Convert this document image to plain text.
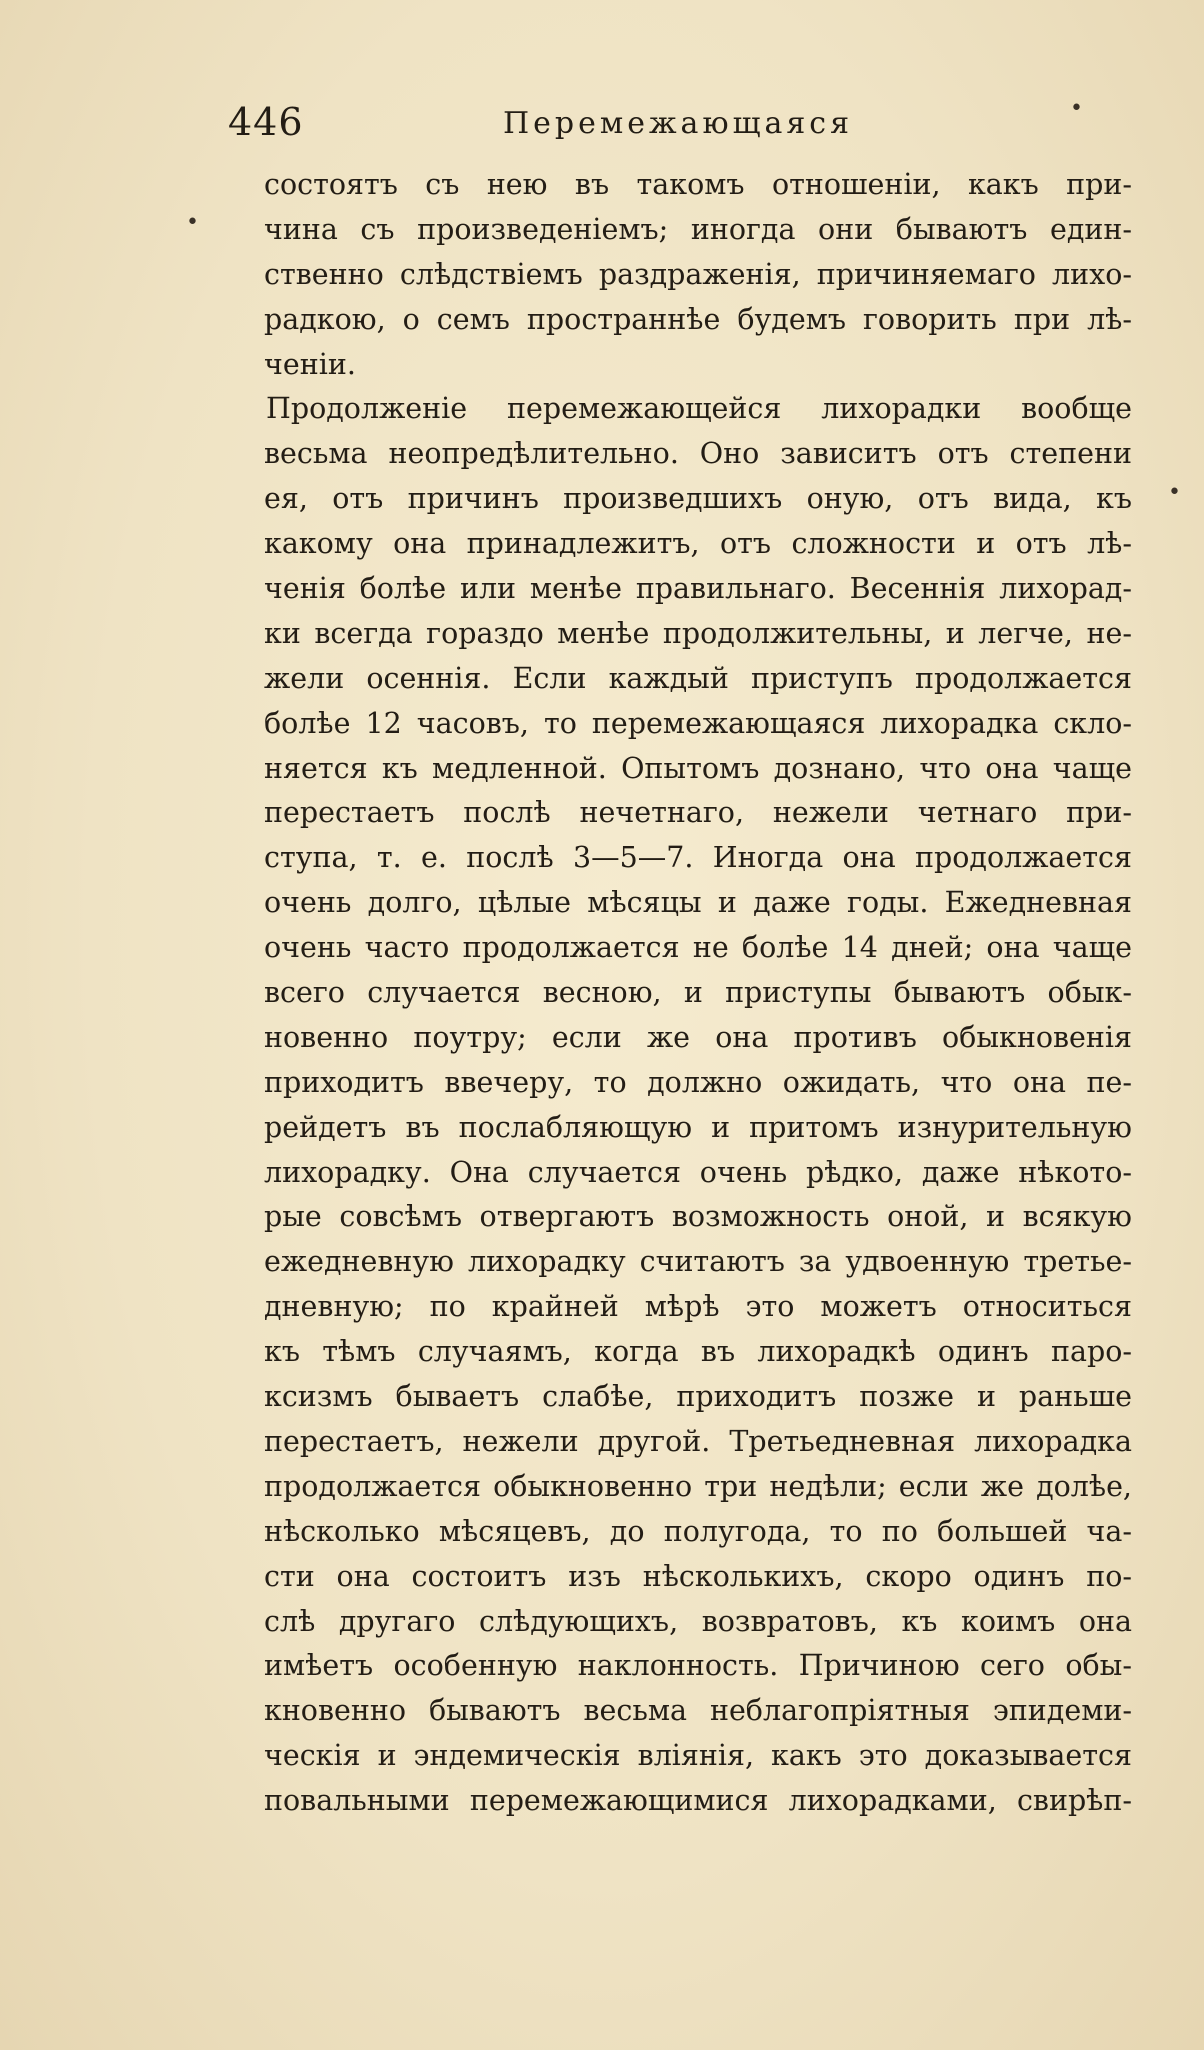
446	Перемежающаяся
•
•
•
состоятъ съ нею въ такомъ отношеніи, какъ при-
чина съ произведеніемъ; иногда они бываютъ един-
ственно слѣдствіемъ раздраженія, причиняемаго лихо-
радкою, о семъ пространнѣе будемъ говорить при лѣ-
ченіи.
Продолженіе перемежающейся лихорадки вообще
весьма неопредѣлительно. Оно зависитъ отъ степени
ея, отъ причинъ произведшихъ оную, отъ вида, къ
какому она принадлежитъ, отъ сложности и отъ лѣ-
ченія болѣе или менѣе правильнаго. Весеннія лихорад-
ки всегда гораздо менѣе продолжительны, и легче, не-
жели осеннія. Если каждый приступъ продолжается
болѣе 12 часовъ, то перемежающаяся лихорадка скло-
няется къ медленной. Опытомъ дознано, что она чаще
перестаетъ послѣ нечетнаго, нежели четнаго при-
ступа, т. е. послѣ 3—5—7. Иногда она продолжается
очень долго, цѣлые мѣсяцы и даже годы. Ежедневная
очень часто продолжается не болѣе 14 дней; она чаще
всего случается весною, и приступы бываютъ обык-
новенно поутру; если же она противъ обыкновенія
приходитъ ввечеру, то должно ожидать, что она пе-
рейдетъ въ послабляющую и притомъ изнурительную
лихорадку. Она случается очень рѣдко, даже нѣкото-
рые совсѣмъ отвергаютъ возможность оной, и всякую
ежедневную лихорадку считаютъ за удвоенную третье-
дневную; по крайней мѣрѣ это можетъ относиться
къ тѣмъ случаямъ, когда въ лихорадкѣ одинъ паро-
ксизмъ бываетъ слабѣе, приходитъ позже и раньше
перестаетъ, нежели другой. Третьедневная лихорадка
продолжается обыкновенно три недѣли; если же долѣе,
нѣсколько мѣсяцевъ, до полугода, то по большей ча-
сти она состоитъ изъ нѣсколькихъ, скоро одинъ по-
слѣ другаго слѣдующихъ, возвратовъ, къ коимъ она
имѣетъ особенную наклонность. Причиною сего обы-
кновенно бываютъ весьма неблагопріятныя эпидеми-
ческія и эндемическія вліянія, какъ это доказывается
повальными перемежающимися лихорадками, свирѣп-
